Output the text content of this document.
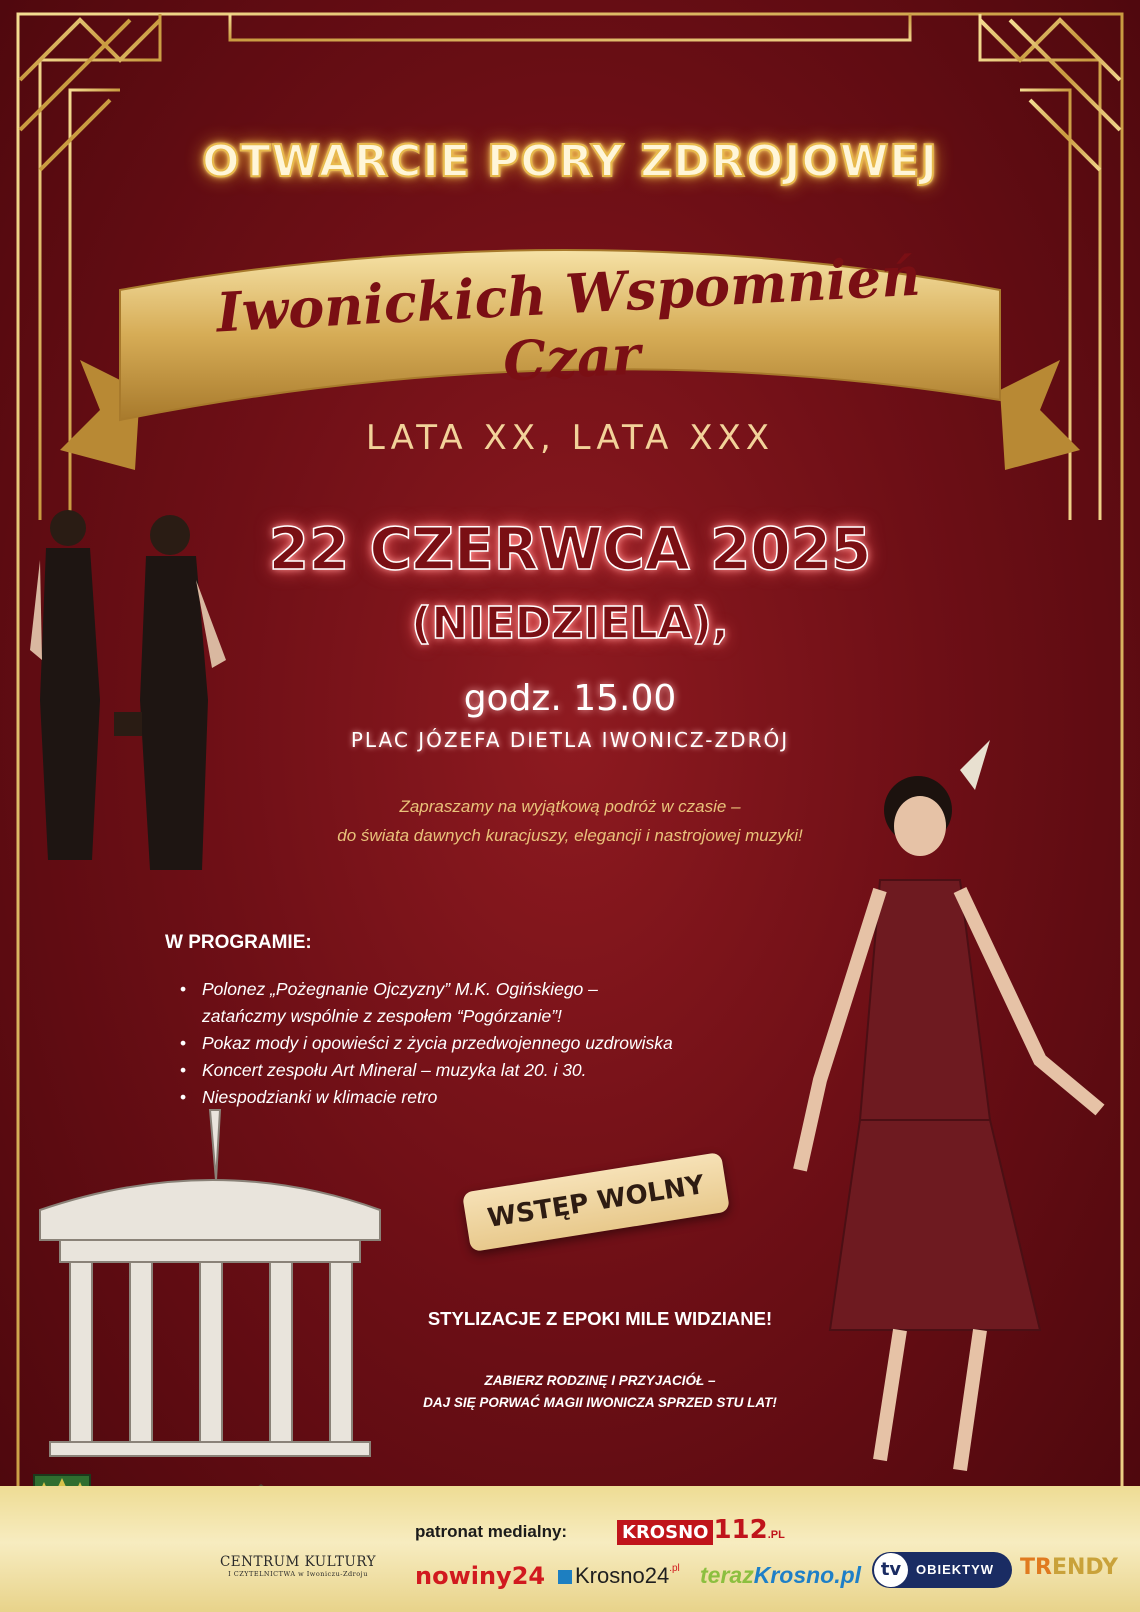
OTWARCIE PORY ZDROJOWEJ
Iwonickich Wspomnień Czar
LATA XX, LATA XXX
22 CZERWCA 2025
(NIEDZIELA),
godz. 15.00
PLAC JÓZEFA DIETLA IWONICZ-ZDRÓJ
Zapraszamy na wyjątkową podróż w czasie –
do świata dawnych kuracjuszy, elegancji i nastrojowej muzyki!
W PROGRAMIE:
• Polonez „Pożegnanie Ojczyzny” M.K. Ogińskiego –
zatańczmy wspólnie z zespołem “Pogórzanie”!
• Pokaz mody i opowieści z życia przedwojennego uzdrowiska
• Koncert zespołu Art Mineral – muzyka lat 20. i 30.
• Niespodzianki w klimacie retro
WSTĘP WOLNY
STYLIZACJE Z EPOKI MILE WIDZIANE!
ZABIERZ RODZINĘ I PRZYJACIÓŁ –
DAJ SIĘ PORWAĆ MAGII IWONICZA SPRZED STU LAT!
CENTRUM KULTURY
I CZYTELNICTWA w Iwoniczu-Zdroju
patronat medialny:	KROSNO 112.PL
nowiny24	$Krosno24^{.pl}$ terazKrosno.pl	tv	OBIEKTYW TRENDY
